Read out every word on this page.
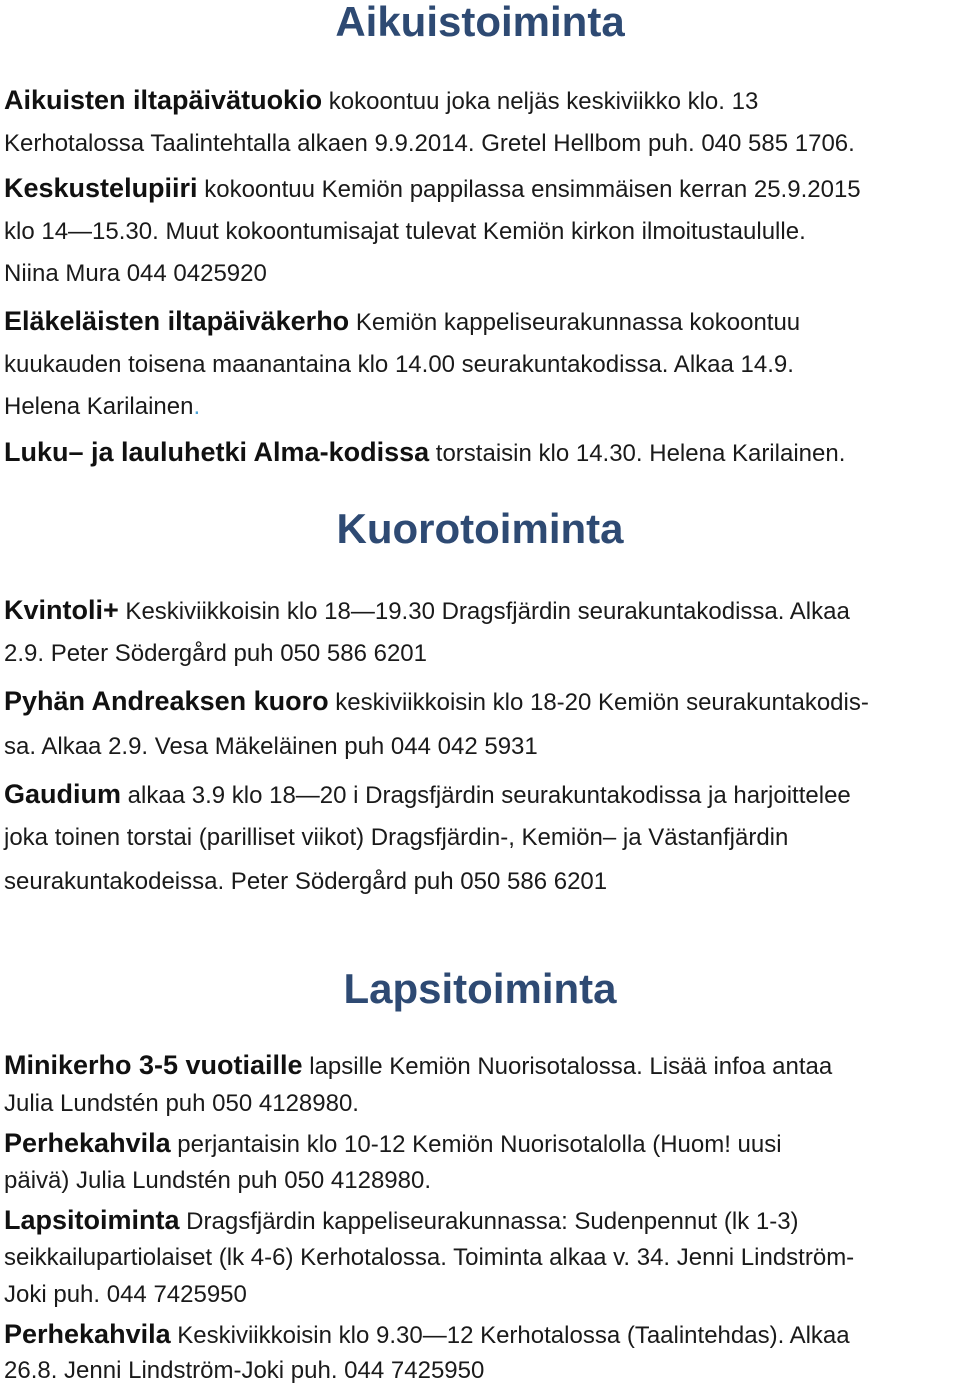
Aikuistoiminta
Aikuisten iltapäivätuokio kokoontuu joka neljäs keskiviikko klo. 13
Kerhotalossa Taalintehtalla alkaen 9.9.2014. Gretel Hellbom puh. 040 585 1706.
Keskustelupiiri kokoontuu Kemiön pappilassa ensimmäisen kerran 25.9.2015
klo 14—15.30. Muut kokoontumisajat tulevat Kemiön kirkon ilmoitustaululle.
Niina Mura 044 0425920
Eläkeläisten iltapäiväkerho Kemiön kappeliseurakunnassa kokoontuu
kuukauden toisena maanantaina klo 14.00 seurakuntakodissa. Alkaa 14.9.
Helena Karilainen.
Luku– ja lauluhetki Alma-kodissa torstaisin klo 14.30. Helena Karilainen.
Kuorotoiminta
Kvintoli+ Keskiviikkoisin klo 18—19.30 Dragsfjärdin seurakuntakodissa. Alkaa
2.9. Peter Södergård puh 050 586 6201
Pyhän Andreaksen kuoro keskiviikkoisin klo 18-20 Kemiön seurakuntakodis-
sa. Alkaa 2.9. Vesa Mäkeläinen puh 044 042 5931
Gaudium alkaa 3.9 klo 18—20 i Dragsfjärdin seurakuntakodissa ja harjoittelee
joka toinen torstai (parilliset viikot) Dragsfjärdin-, Kemiön– ja Västanfjärdin
seurakuntakodeissa. Peter Södergård puh 050 586 6201
Lapsitoiminta
Minikerho 3-5 vuotiaille lapsille Kemiön Nuorisotalossa. Lisää infoa antaa
Julia Lundstén puh 050 4128980.
Perhekahvila perjantaisin klo 10-12 Kemiön Nuorisotalolla (Huom! uusi
päivä) Julia Lundstén puh 050 4128980.
Lapsitoiminta Dragsfjärdin kappeliseurakunnassa: Sudenpennut (lk 1-3)
seikkailupartiolaiset (lk 4-6) Kerhotalossa. Toiminta alkaa v. 34. Jenni Lindström-
Joki puh. 044 7425950
Perhekahvila Keskiviikkoisin klo 9.30—12 Kerhotalossa (Taalintehdas). Alkaa
26.8. Jenni Lindström-Joki puh. 044 7425950
